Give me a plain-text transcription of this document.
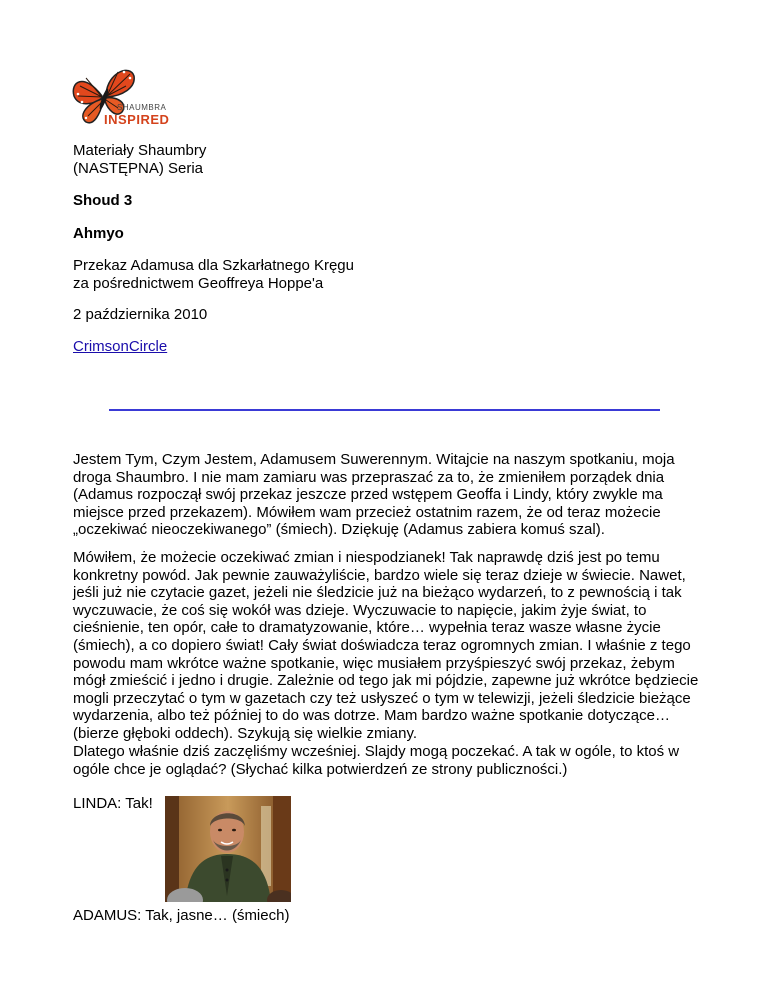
SHAUMBRA
INSPIRED
Materiały Shaumbry
(NASTĘPNA) Seria
Shoud 3
Ahmyo
Przekaz Adamusa dla Szkarłatnego Kręgu
za pośrednictwem Geoffreya Hoppe'a
2 października 2010
CrimsonCircle
Jestem Tym, Czym Jestem, Adamusem Suwerennym. Witajcie na naszym spotkaniu, moja droga Shaumbro. I nie mam zamiaru was przepraszać za to, że zmieniłem porządek dnia (Adamus rozpoczął swój przekaz jeszcze przed wstępem Geoffa i Lindy, który zwykle ma miejsce przed przekazem). Mówiłem wam przecież ostatnim razem, że od teraz możecie „oczekiwać nieoczekiwanego” (śmiech). Dziękuję (Adamus zabiera komuś szal).
Mówiłem, że możecie oczekiwać zmian i niespodzianek! Tak naprawdę dziś jest po temu konkretny powód. Jak pewnie zauważyliście, bardzo wiele się teraz dzieje w świecie. Nawet, jeśli już nie czytacie gazet, jeżeli nie śledzicie już na bieżąco wydarzeń, to z pewnością i tak wyczuwacie, że coś się wokół was dzieje. Wyczuwacie to napięcie, jakim żyje świat, to cieśnienie, ten opór, całe to dramatyzowanie, które… wypełnia teraz wasze własne życie (śmiech), a co dopiero świat! Cały świat doświadcza teraz ogromnych zmian. I właśnie z tego powodu mam wkrótce ważne spotkanie, więc musiałem przyśpieszyć swój przekaz, żebym mógł zmieścić i jedno i drugie. Zależnie od tego jak mi pójdzie, zapewne już wkrótce będziecie mogli przeczytać o tym w gazetach czy też usłyszeć o tym w telewizji, jeżeli śledzicie bieżące wydarzenia, albo też później to do was dotrze. Mam bardzo ważne spotkanie dotyczące… (bierze głęboki oddech). Szykują się wielkie zmiany.
Dlatego właśnie dziś zaczęliśmy wcześniej. Slajdy mogą poczekać. A tak w ogóle, to ktoś w ogóle chce je oglądać? (Słychać kilka potwierdzeń ze strony publiczności.)
LINDA: Tak!
ADAMUS: Tak, jasne… (śmiech)
